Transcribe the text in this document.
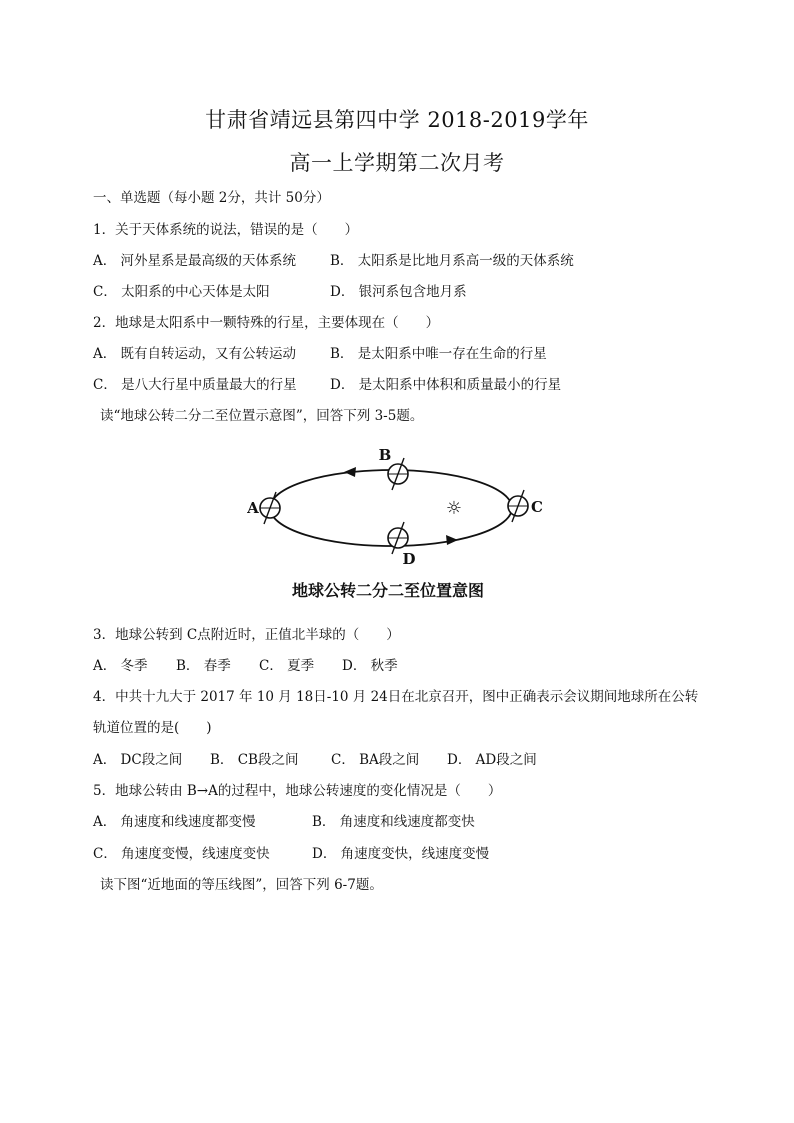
甘肃省靖远县第四中学 2018-2019学年
高一上学期第二次月考
一、单选题（每小题 2分，共计 50分）
1．关于天体系统的说法，错误的是（　　）
A． 河外星系是最高级的天体系统	B． 太阳系是比地月系高一级的天体系统
C． 太阳系的中心天体是太阳	D． 银河系包含地月系
2．地球是太阳系中一颗特殊的行星，主要体现在（　　）
A． 既有自转运动，又有公转运动	B． 是太阳系中唯一存在生命的行星
C． 是八大行星中质量最大的行星 D． 是太阳系中体积和质量最小的行星
读“地球公转二分二至位置示意图”，回答下列 3-5题。
☼
A
B
C
D
地球公转二分二至位置意图
3．地球公转到 C点附近时，正值北半球的（　　）
A． 冬季 B． 春季 C． 夏季 D． 秋季
4．中共十九大于 2017 年 10 月 18日-10 月 24日在北京召开，图中正确表示会议期间地球所在公转
轨道位置的是(　　)
A． DC段之间 B． CB段之间 C． BA段之间 D． AD段之间
5．地球公转由 B→A的过程中，地球公转速度的变化情况是（　　）
A． 角速度和线速度都变慢	B． 角速度和线速度都变快
C． 角速度变慢，线速度变快	D． 角速度变快，线速度变慢
读下图“近地面的等压线图”，回答下列 6-7题。
